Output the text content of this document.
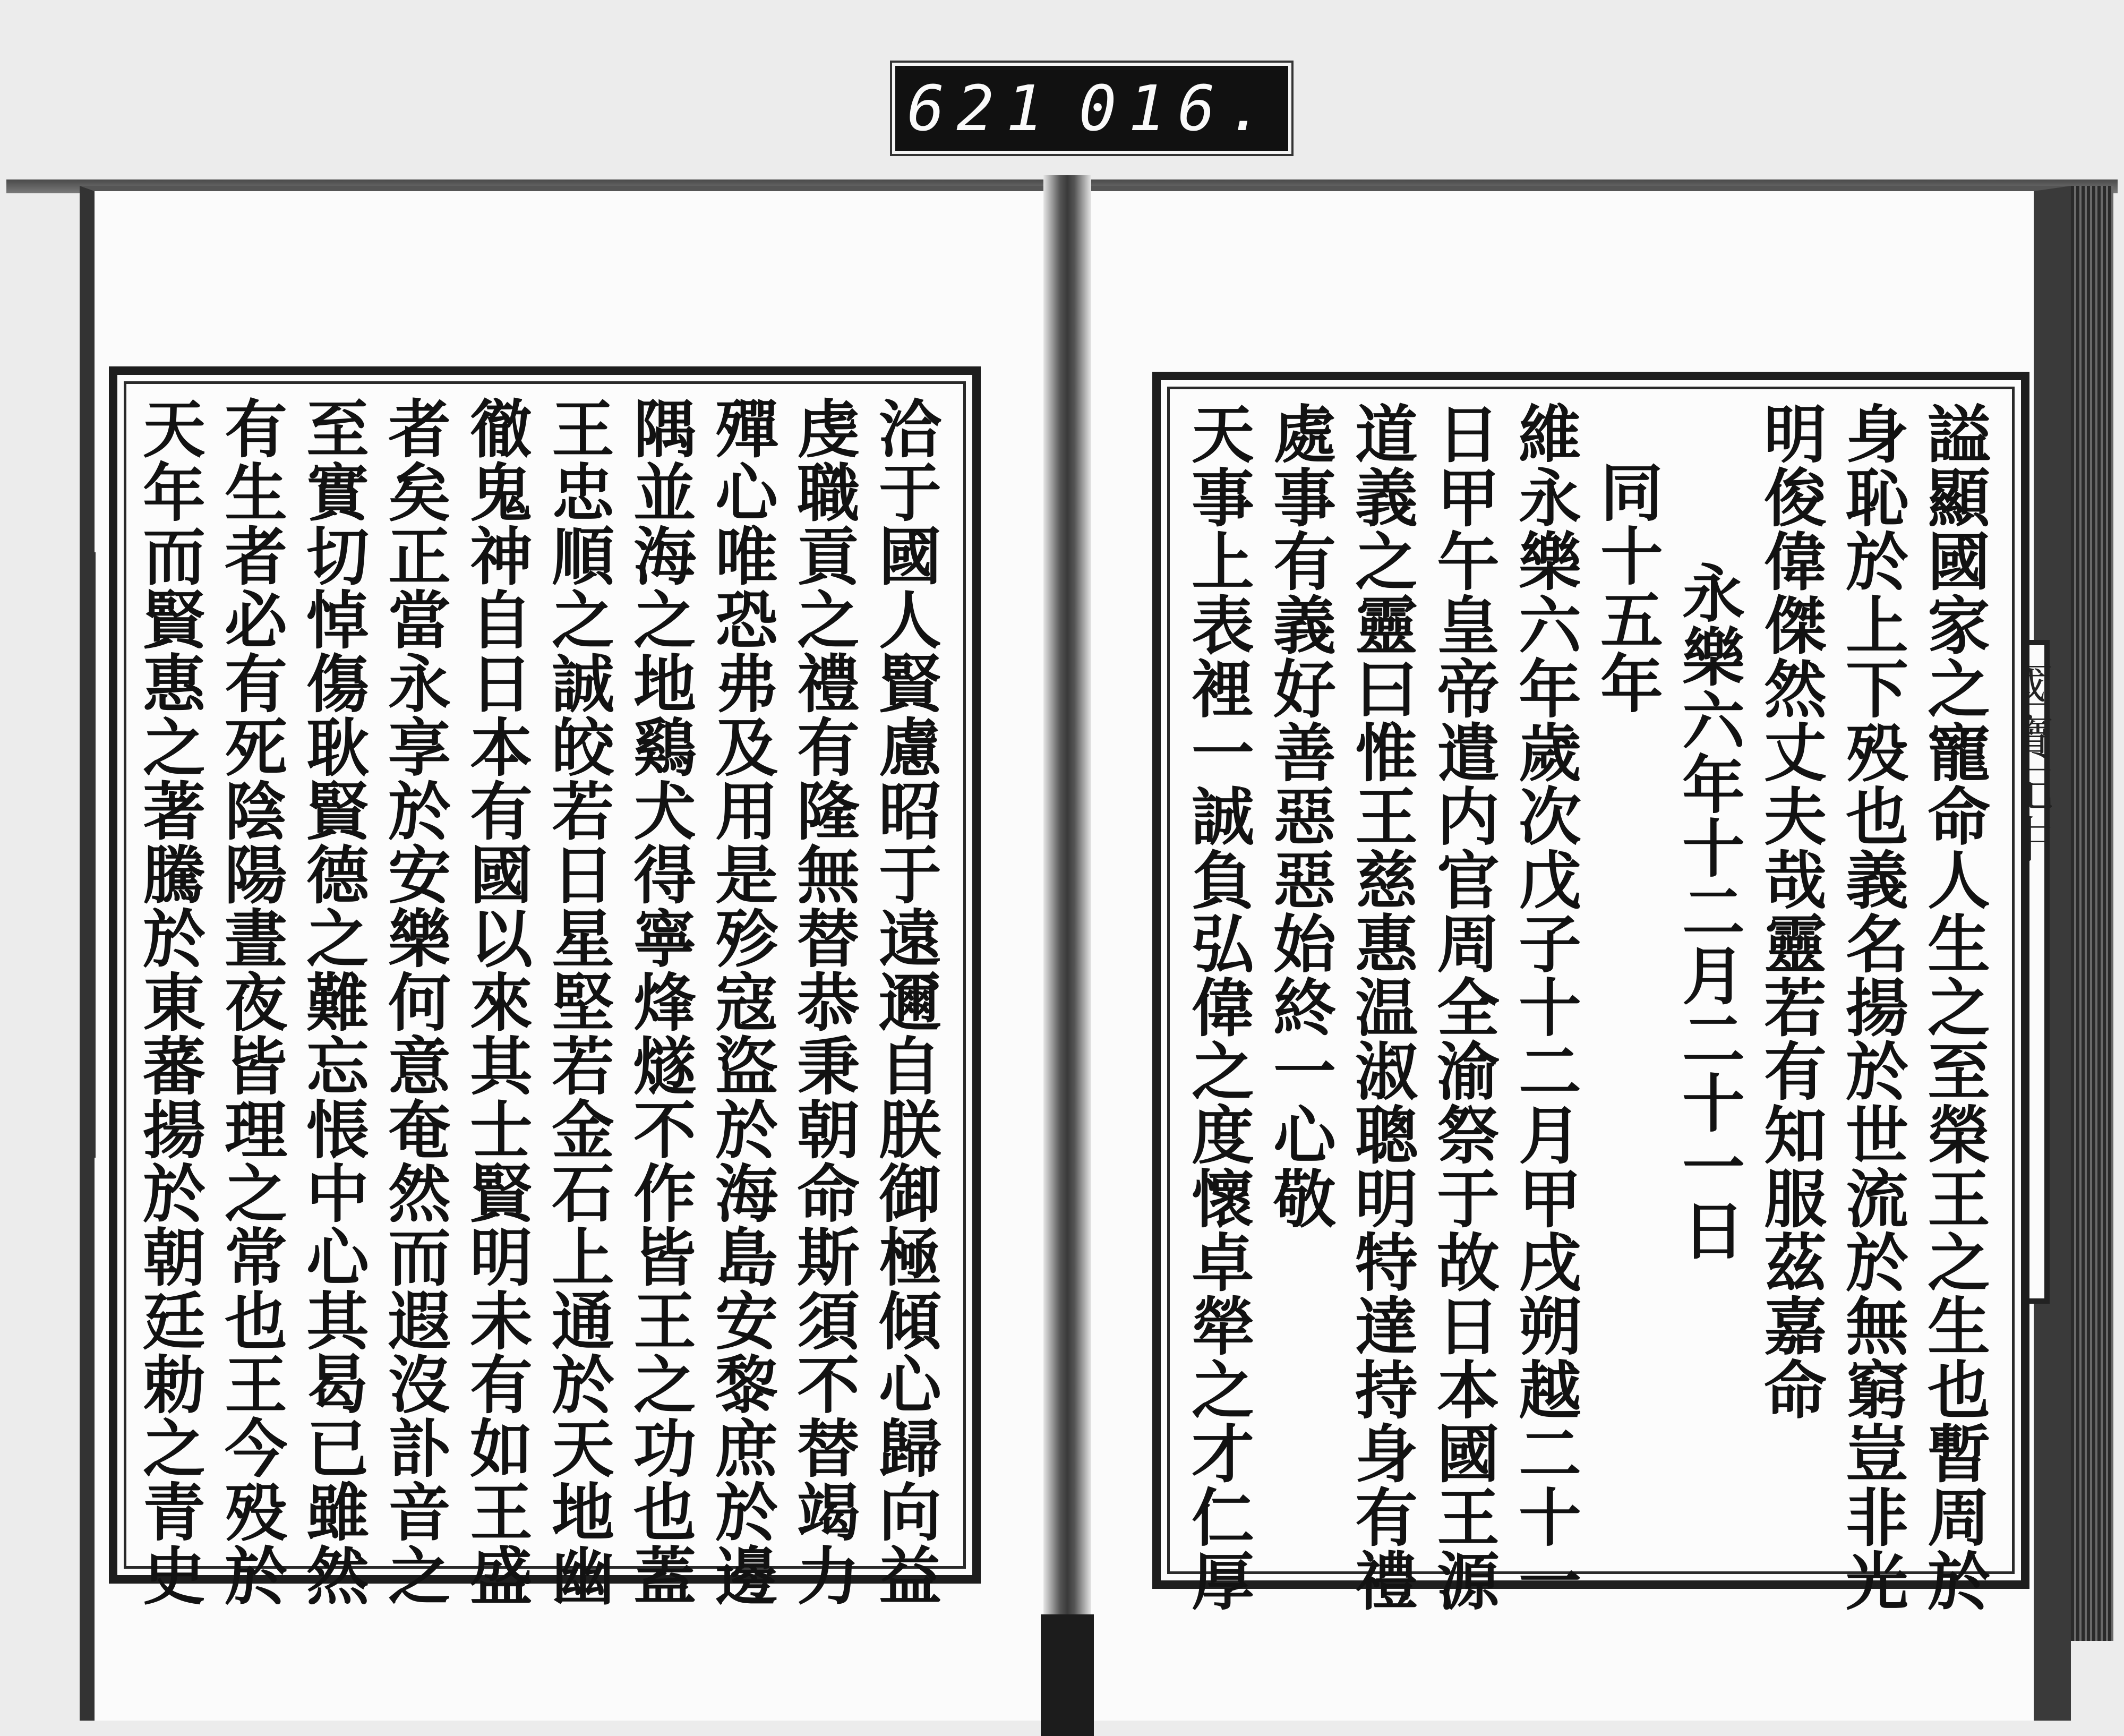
621 016.
洽于國人賢慮昭于遠邇自朕御極傾心歸向益
虔職貢之禮有隆無替恭秉朝命斯須不替竭力
殫心唯恐弗及用是殄寇盜於海島安黎庶於邊
隅並海之地鷄犬得寧烽燧不作皆王之功也蓋
王忠順之誠皎若日星堅若金石上通於天地幽
徹鬼神自日本有國以來其士賢明未有如王盛
者矣正當永享於安樂何意奄然而遐沒訃音之
至實切悼傷耿賢德之難忘悵中心其曷已雖然
有生者必有死陰陽晝夜皆理之常也王今殁於
天年而賢惠之著騰於東蕃揚於朝廷勅之青史	謚顯國家之寵命人生之至榮王之生也暫周於
身恥於上下殁也義名揚於世流於無窮豈非光
明俊偉傑然丈夫哉靈若有知服茲嘉命
永樂六年十二月二十一日
同十五年
維永樂六年歲次戊子十二月甲戌朔越二十一
日甲午皇帝遣内官周全渝祭于故日本國王源
道義之靈曰惟王慈惠温淑聰明特達持身有禮
處事有義好善惡惡始終一心敬
天事上表裡一誠負弘偉之度懷卓犖之才仁厚
